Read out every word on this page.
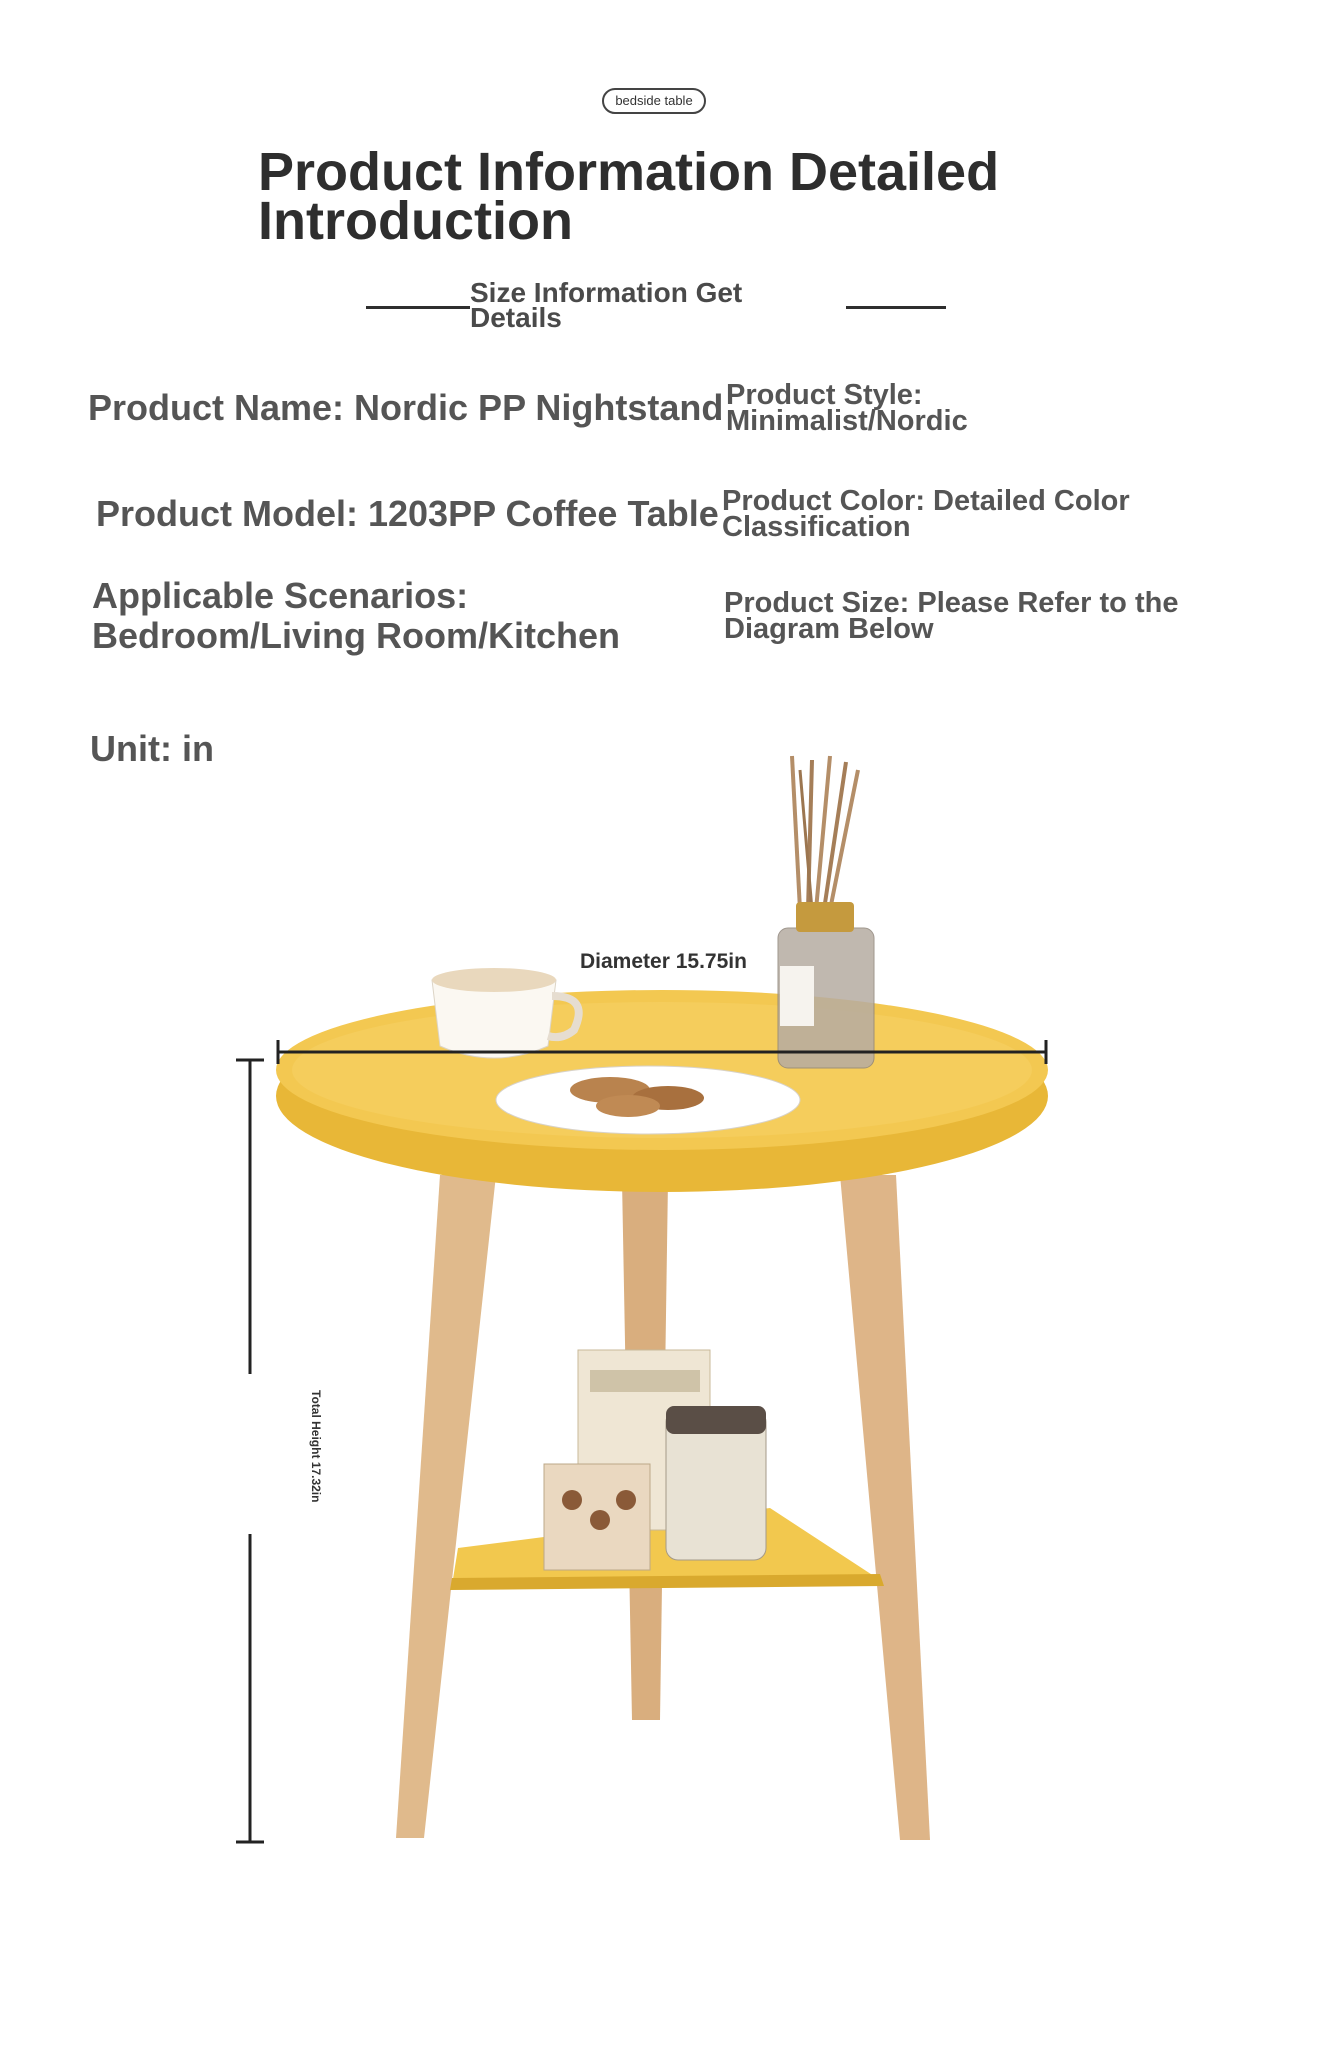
bedside table
Product Information Detailed Introduction
Size Information Get Details
Product Name: Nordic PP Nightstand Product Style: Minimalist/Nordic
Product Model: 1203PP Coffee Table Product Color: Detailed Color Classification
Applicable Scenarios: Bedroom/Living Room/Kitchen
Product Size: Please Refer to the Diagram Below
Unit: in
Diameter 15.75in
Total Height 17.32in
